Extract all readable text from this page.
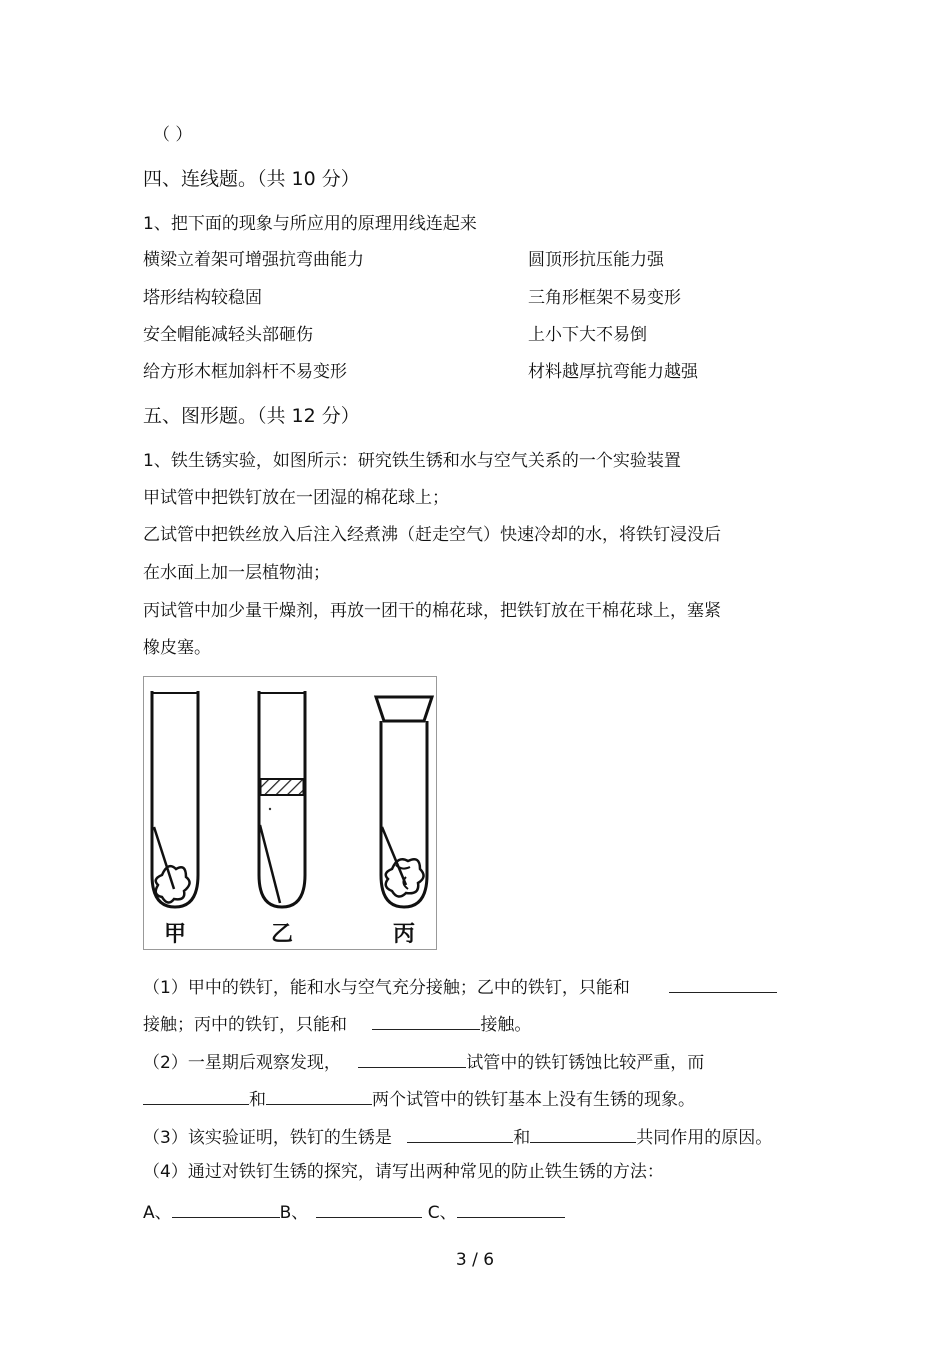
（ ）
四、连线题。（共 10 分）
1、把下面的现象与所应用的原理用线连起来
横梁立着架可增强抗弯曲能力	圆顶形抗压能力强
塔形结构较稳固	三角形框架不易变形
安全帽能减轻头部砸伤	上小下大不易倒
给方形木框加斜杆不易变形	材料越厚抗弯能力越强
五、图形题。（共 12 分）
1、铁生锈实验，如图所示：研究铁生锈和水与空气关系的一个实验装置
甲试管中把铁钉放在一团湿的棉花球上；
乙试管中把铁丝放入后注入经煮沸（赶走空气）快速冷却的水，将铁钉浸没后
在水面上加一层植物油；
丙试管中加少量干燥剂，再放一团干的棉花球，把铁钉放在干棉花球上，塞紧
橡皮塞。
甲	乙	丙
（1）甲中的铁钉，能和水与空气充分接触；乙中的铁钉，只能和
接触；丙中的铁钉，只能和	接触。
（2）一星期后观察发现，	试管中的铁钉锈蚀比较严重，而
和	两个试管中的铁钉基本上没有生锈的现象。
（3）该实验证明，铁钉的生锈是	和	共同作用的原因。
（4）通过对铁钉生锈的探究，请写出两种常见的防止铁生锈的方法：
A、	B、	C、
3 / 6
